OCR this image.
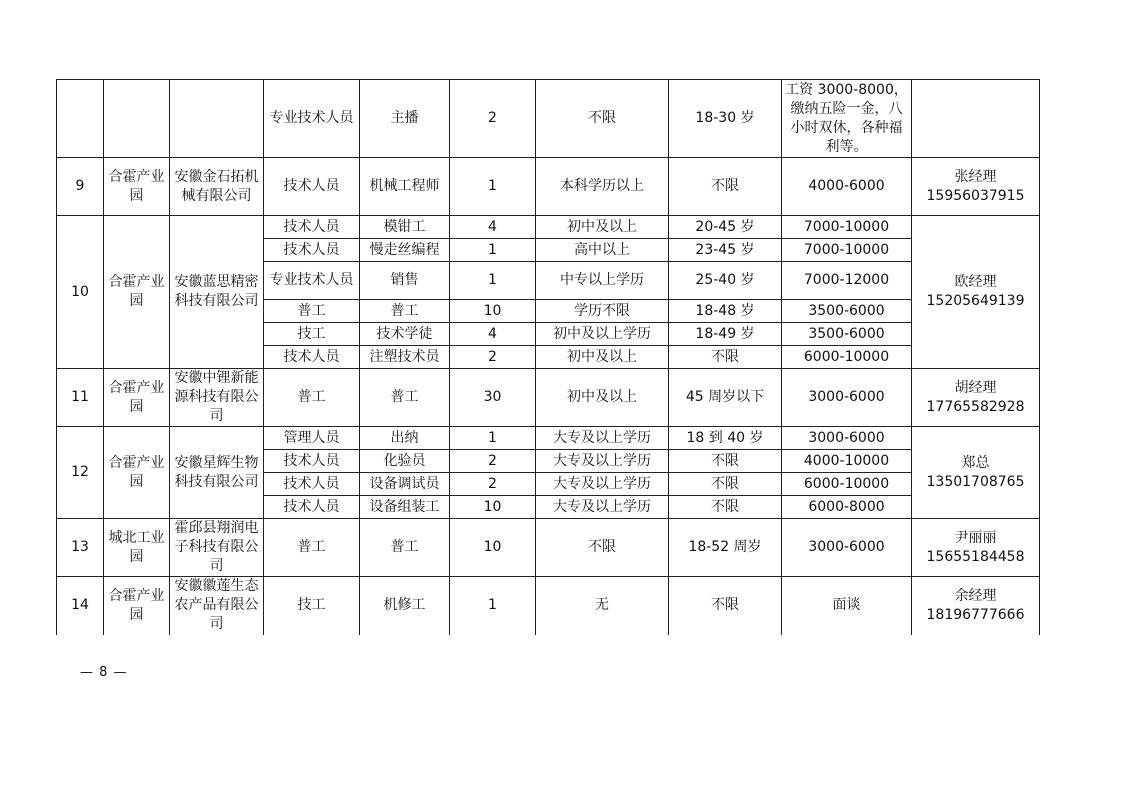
			专业技术人员	主播	2	不限	18-30 岁	工资 3000-8000，缴纳五险一金，八小时双休，各种福利等。	
9	合霍产业园	安徽金石拓机械有限公司	技术人员	机械工程师	1	本科学历以上	不限	4000-6000	张经理
15956037915

10	合霍产业园	安徽蓝思精密科技有限公司	技术人员	模钳工	4	初中及以上	20-45 岁	7000-10000	欧经理
15205649139

			技术人员	慢走丝编程	1	高中以上	23-45 岁	7000-10000	
			专业技术人员	销售	1	中专以上学历	25-40 岁	7000-12000	
			普工	普工	10	学历不限	18-48 岁	3500-6000	
			技工	技术学徒	4	初中及以上学历	18-49 岁	3500-6000	
			技术人员	注塑技术员	2	初中及以上	不限	6000-10000	
11	合霍产业园	安徽中锂新能源科技有限公司	普工	普工	30	初中及以上	45 周岁以下	3000-6000	胡经理
17765582928

12	合霍产业园	安徽星辉生物科技有限公司	管理人员	出纳	1	大专及以上学历	18 到 40 岁	3000-6000	郑总
13501708765

			技术人员	化验员	2	大专及以上学历	不限	4000-10000	
			技术人员	设备调试员	2	大专及以上学历	不限	6000-10000	
			技术人员	设备组装工	10	大专及以上学历	不限	6000-8000	
13	城北工业园	霍邱县翔润电子科技有限公司	普工	普工	10	不限	18-52 周岁	3000-6000	尹丽丽
15655184458

14	合霍产业园	安徽徽莲生态农产品有限公司	技工	机修工	1	无	不限	面谈	余经理
18196777666
— 8 —
